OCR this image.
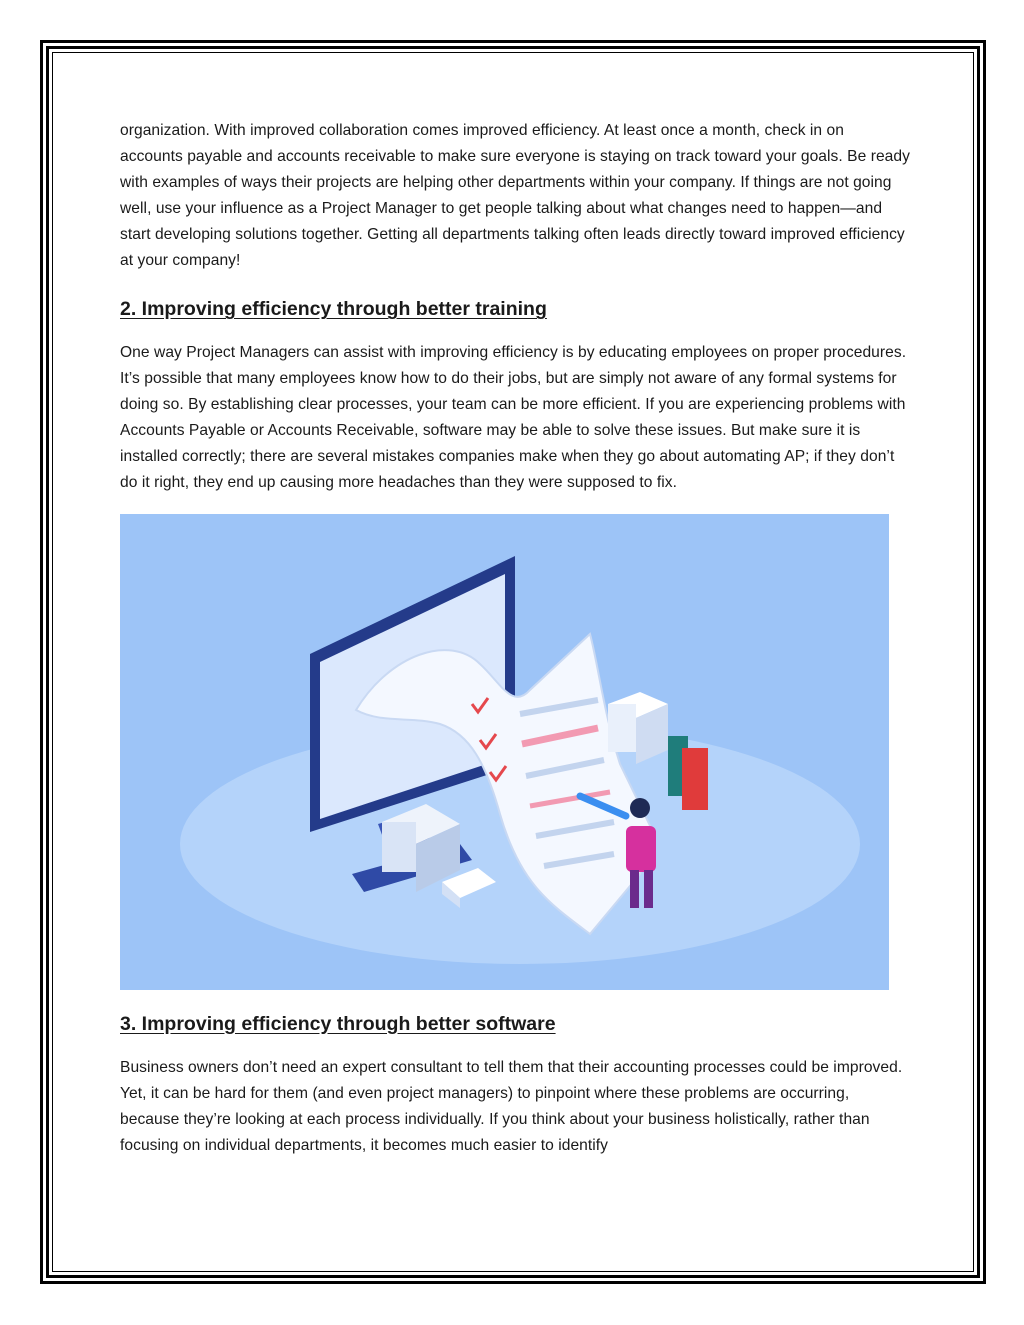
organization. With improved collaboration comes improved efficiency. At least once a month, check in on accounts payable and accounts receivable to make sure everyone is staying on track toward your goals. Be ready with examples of ways their projects are helping other departments within your company. If things are not going well, use your influence as a Project Manager to get people talking about what changes need to happen—and start developing solutions together. Getting all departments talking often leads directly toward improved efficiency at your company!

2. Improving efficiency through better training

One way Project Managers can assist with improving efficiency is by educating employees on proper procedures. It’s possible that many employees know how to do their jobs, but are simply not aware of any formal systems for doing so. By establishing clear processes, your team can be more efficient. If you are experiencing problems with Accounts Payable or Accounts Receivable, software may be able to solve these issues. But make sure it is installed correctly; there are several mistakes companies make when they go about automating AP; if they don’t do it right, they end up causing more headaches than they were supposed to fix.

3. Improving efficiency through better software

Business owners don’t need an expert consultant to tell them that their accounting processes could be improved. Yet, it can be hard for them (and even project managers) to pinpoint where these problems are occurring, because they’re looking at each process individually. If you think about your business holistically, rather than focusing on individual departments, it becomes much easier to identify
